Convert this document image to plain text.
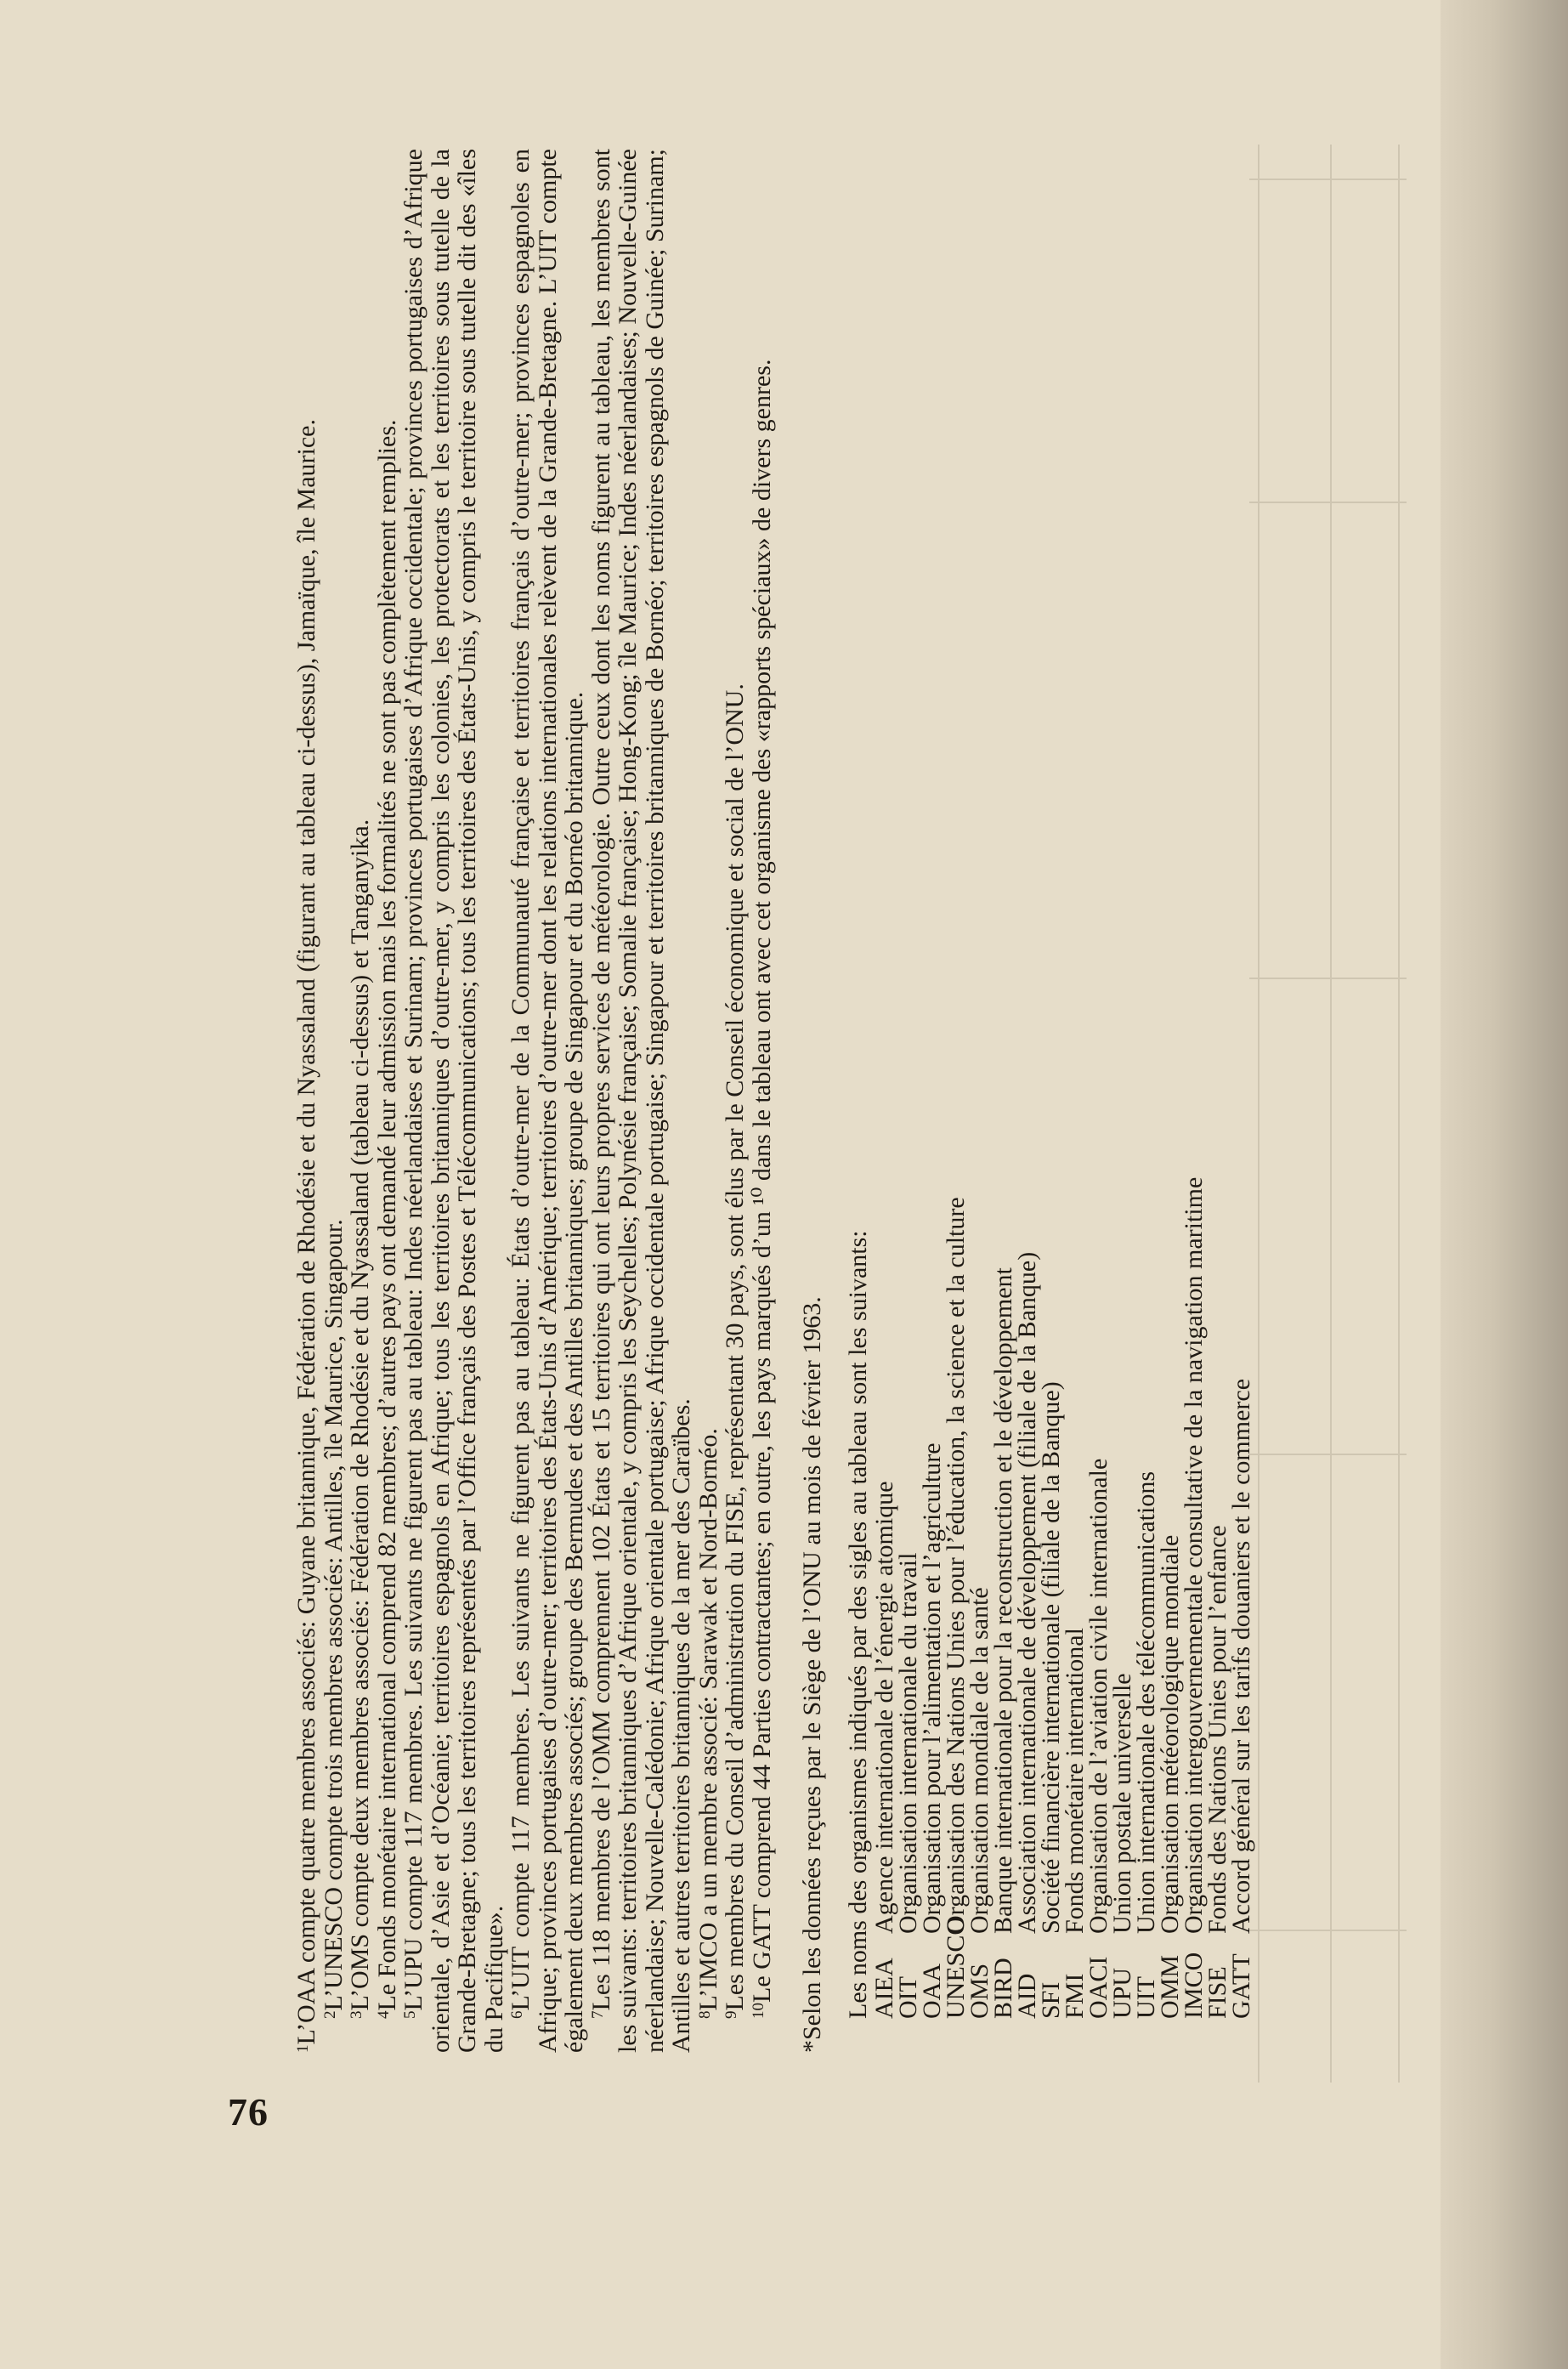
76

$^1$L’OAA compte quatre membres associés: Guyane britannique, Fédération de Rhodésie et du Nyassaland (figurant au tableau ci-dessus), Jamaïque, île Maurice. $^2$L’UNESCO compte trois membres associés: Antilles, île Maurice, Singapour.

$^3$L’OMS compte deux membres associés: Fédération de Rhodésie et du Nyassaland (tableau ci-dessus) et Tanganyika.

$^4$Le Fonds monétaire international comprend 82 membres; d’autres pays ont demandé leur admission mais les formalités ne sont pas complètement remplies.

$^5$L’UPU compte 117 membres. Les suivants ne figurent pas au tableau: Indes néerlandaises et Surinam; provinces portugaises d’Afrique occidentale; provinces portugaises d’Afrique orientale, d’Asie et d’Océanie; territoires espagnols en Afrique; tous les territoires britanniques d’outre-mer, y compris les colonies, les protectorats et les territoires sous tutelle de la Grande-Bretagne; tous les territoires représentés par l’Office français des Postes et Télécommunications; tous les territoires des États-Unis, y compris le territoire sous tutelle dit des «îles du Pacifique». $^6$L’UIT compte 117 membres. Les suivants ne figurent pas au tableau: États d’outre-mer de la Communauté française et territoires français d’outre-mer; provinces espagnoles en Afrique; provinces portugaises d’outre-mer; territoires des États-Unis d’Amérique; territoires d’outre-mer dont les relations internationales relèvent de la Grande-Bretagne. L’UIT compte également deux membres associés; groupe des Bermudes et des Antilles britanniques; groupe de Singapour et du Bornéo britannique. $^7$Les 118 membres de l’OMM comprennent 102 États et 15 territoires qui ont leurs propres services de météorologie. Outre ceux dont les noms figurent au tableau, les membres sont les suivants: territoires britanniques d’Afrique orientale, y compris les Seychelles; Polynésie française; Somalie française; Hong-Kong; île Maurice; Indes néerlandaises; Nouvelle-Guinée néerlandaise; Nouvelle-Calédonie; Afrique orientale portugaise; Afrique occidentale portugaise; Singapour et territoires britanniques de Bornéo; territoires espagnols de Guinée; Surinam; Antilles et autres territoires britanniques de la mer des Caraïbes. $^8$L’IMCO a un membre associé: Sarawak et Nord-Bornéo.

$^9$Les membres du Conseil d’administration du FISE, représentant 30 pays, sont élus par le Conseil économique et social de l’ONU. $^{10}$Le GATT comprend 44 Parties contractantes; en outre, les pays marqués d’un ¹⁰ dans le tableau ont avec cet organisme des «rapports spéciaux» de divers genres. *Selon les données reçues par le Siège de l’ONU au mois de février 1963. Les noms des organismes indiqués par des sigles au tableau sont les suivants:

AIEA
Agence internationale de l’énergie atomique
OIT
Organisation internationale du travail
OAA
Organisation pour l’alimentation et l’agriculture
UNESCO
Organisation des Nations Unies pour l’éducation, la science et la culture
OMS
Organisation mondiale de la santé
BIRD
Banque internationale pour la reconstruction et le développement
AID
Association internationale de développement (filiale de la Banque)
SFI
Société financière internationale (filiale de la Banque)
FMI
Fonds monétaire international
OACI
Organisation de l’aviation civile internationale
UPU
Union postale universelle
UIT
Union internationale des télécommunications
OMM
Organisation météorologique mondiale
IMCO
Organisation intergouvernementale consultative de la navigation maritime
FISE
Fonds des Nations Unies pour l’enfance
GATT
Accord général sur les tarifs douaniers et le commerce
